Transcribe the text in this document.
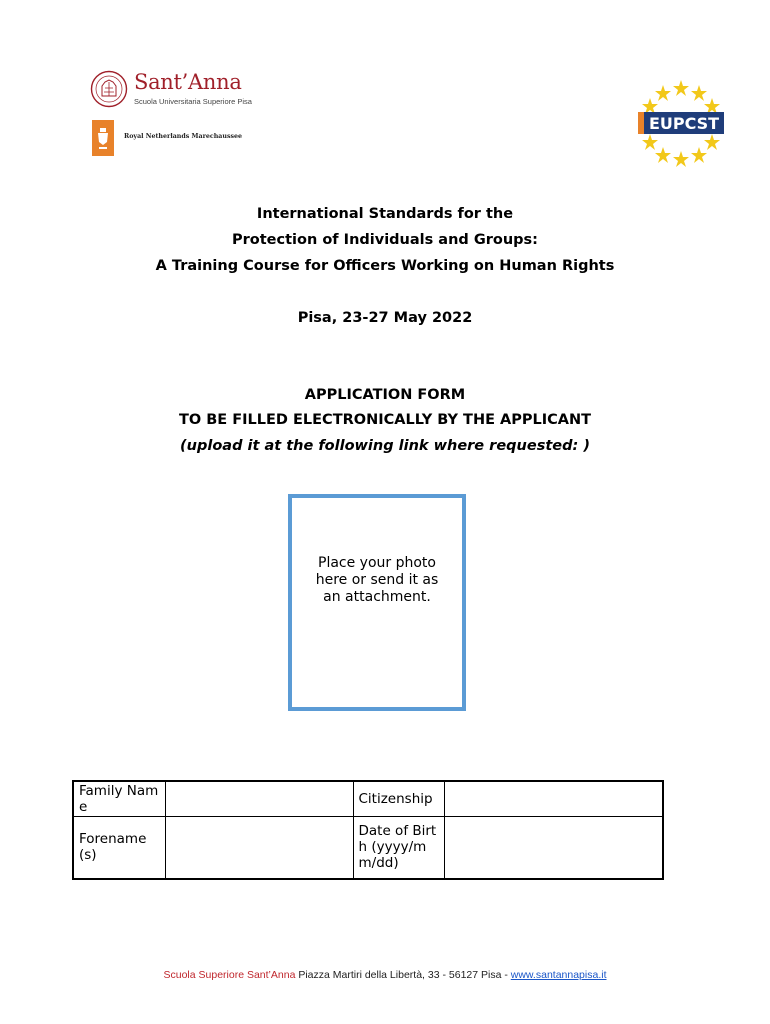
Sant’Anna
Scuola Universitaria Superiore Pisa
Royal Netherlands Marechaussee
EUPCST
International Standards for the
Protection of Individuals and Groups:
A Training Course for Officers Working on Human Rights
Pisa, 23-27 May 2022
APPLICATION FORM
TO BE FILLED ELECTRONICALLY BY THE APPLICANT
(upload it at the following link where requested: )
Place your photo
here or send it as
an attachment.
Family Name		Citizenship	
Forename(s)		Date of Birth (yyyy/mm/dd)	
Scuola Superiore Sant’Anna Piazza Martiri della Libertà, 33 - 56127 Pisa - www.santannapisa.it
